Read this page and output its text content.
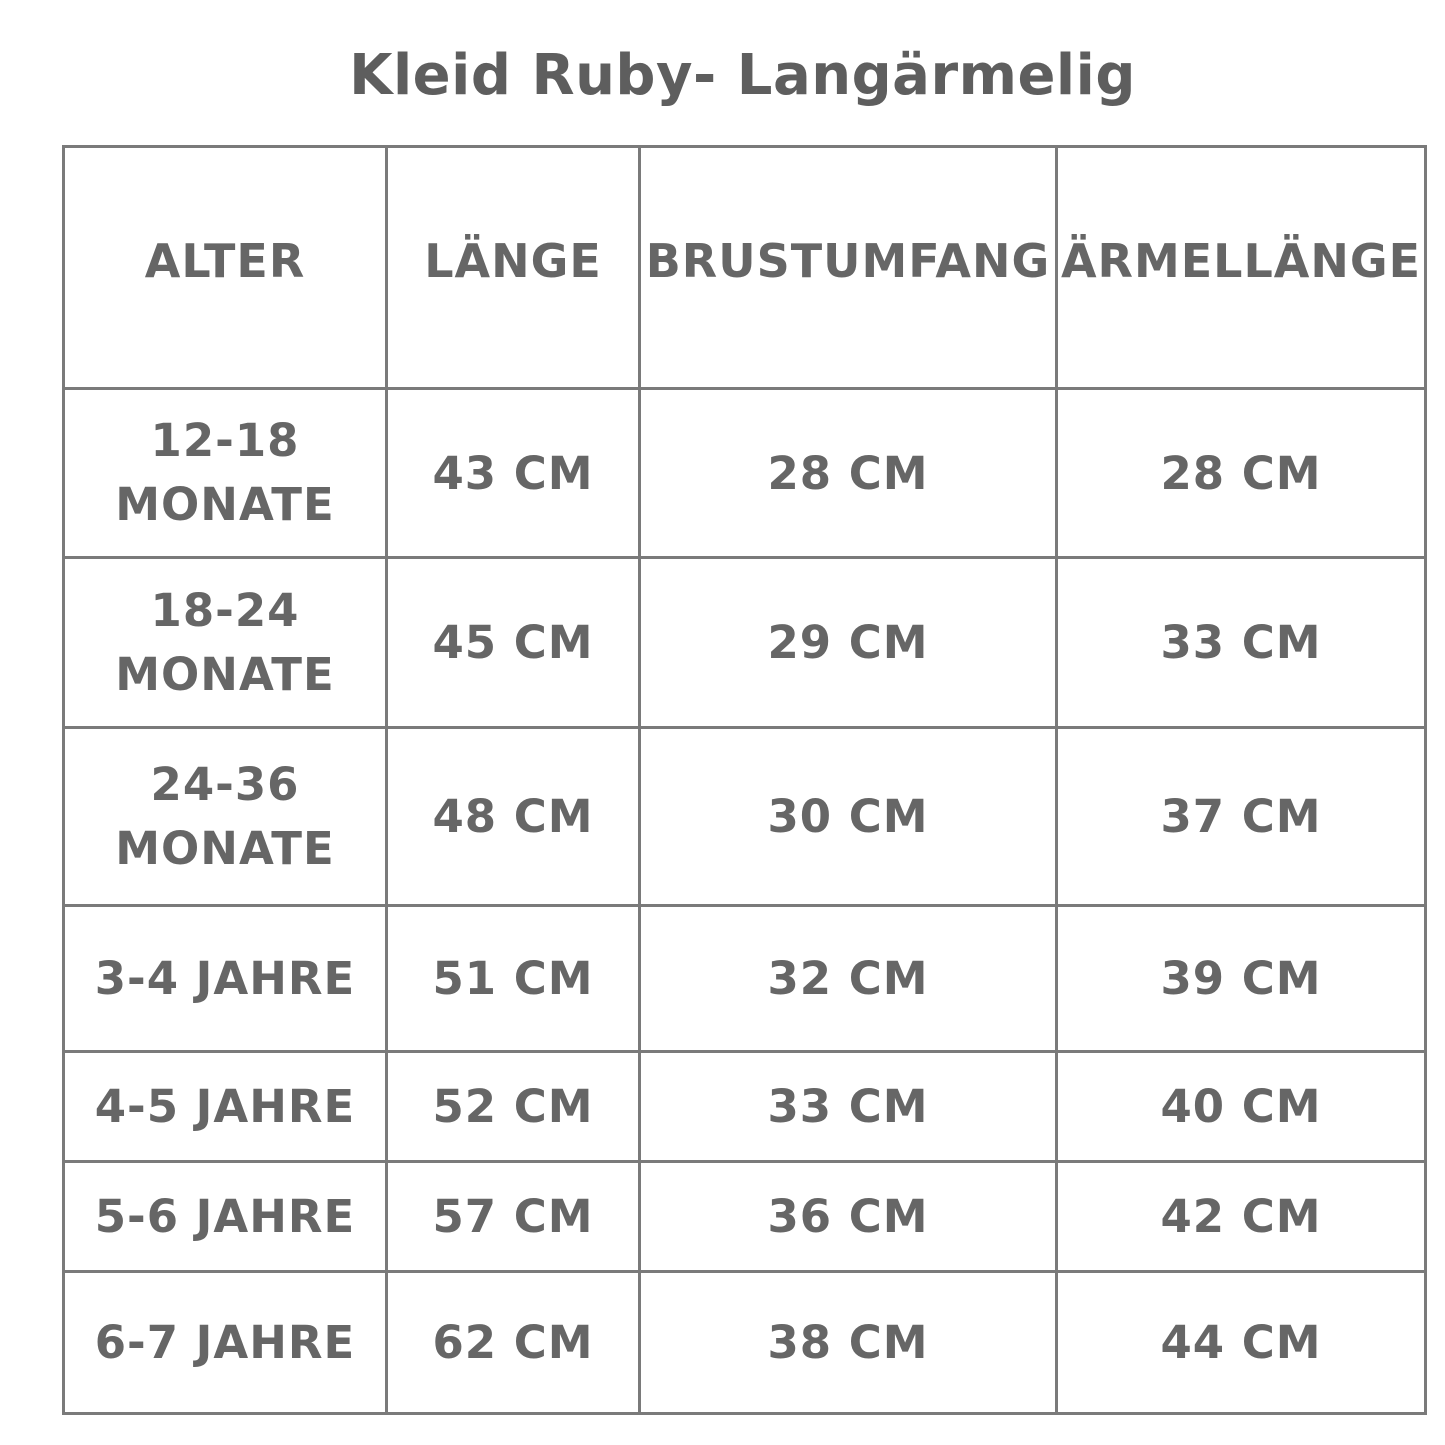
Kleid Ruby- Langärmelig
ALTER	LÄNGE	BRUSTUMFANG	ÄRMELLÄNGE

12-18
MONATE	43 CM	28 CM	28 CM

18-24
MONATE	45 CM	29 CM	33 CM

24-36
MONATE	48 CM	30 CM	37 CM
3-4 JAHRE	51 CM	32 CM	39 CM
4-5 JAHRE	52 CM	33 CM	40 CM
5-6 JAHRE	57 CM	36 CM	42 CM
6-7 JAHRE	62 CM	38 CM	44 CM
